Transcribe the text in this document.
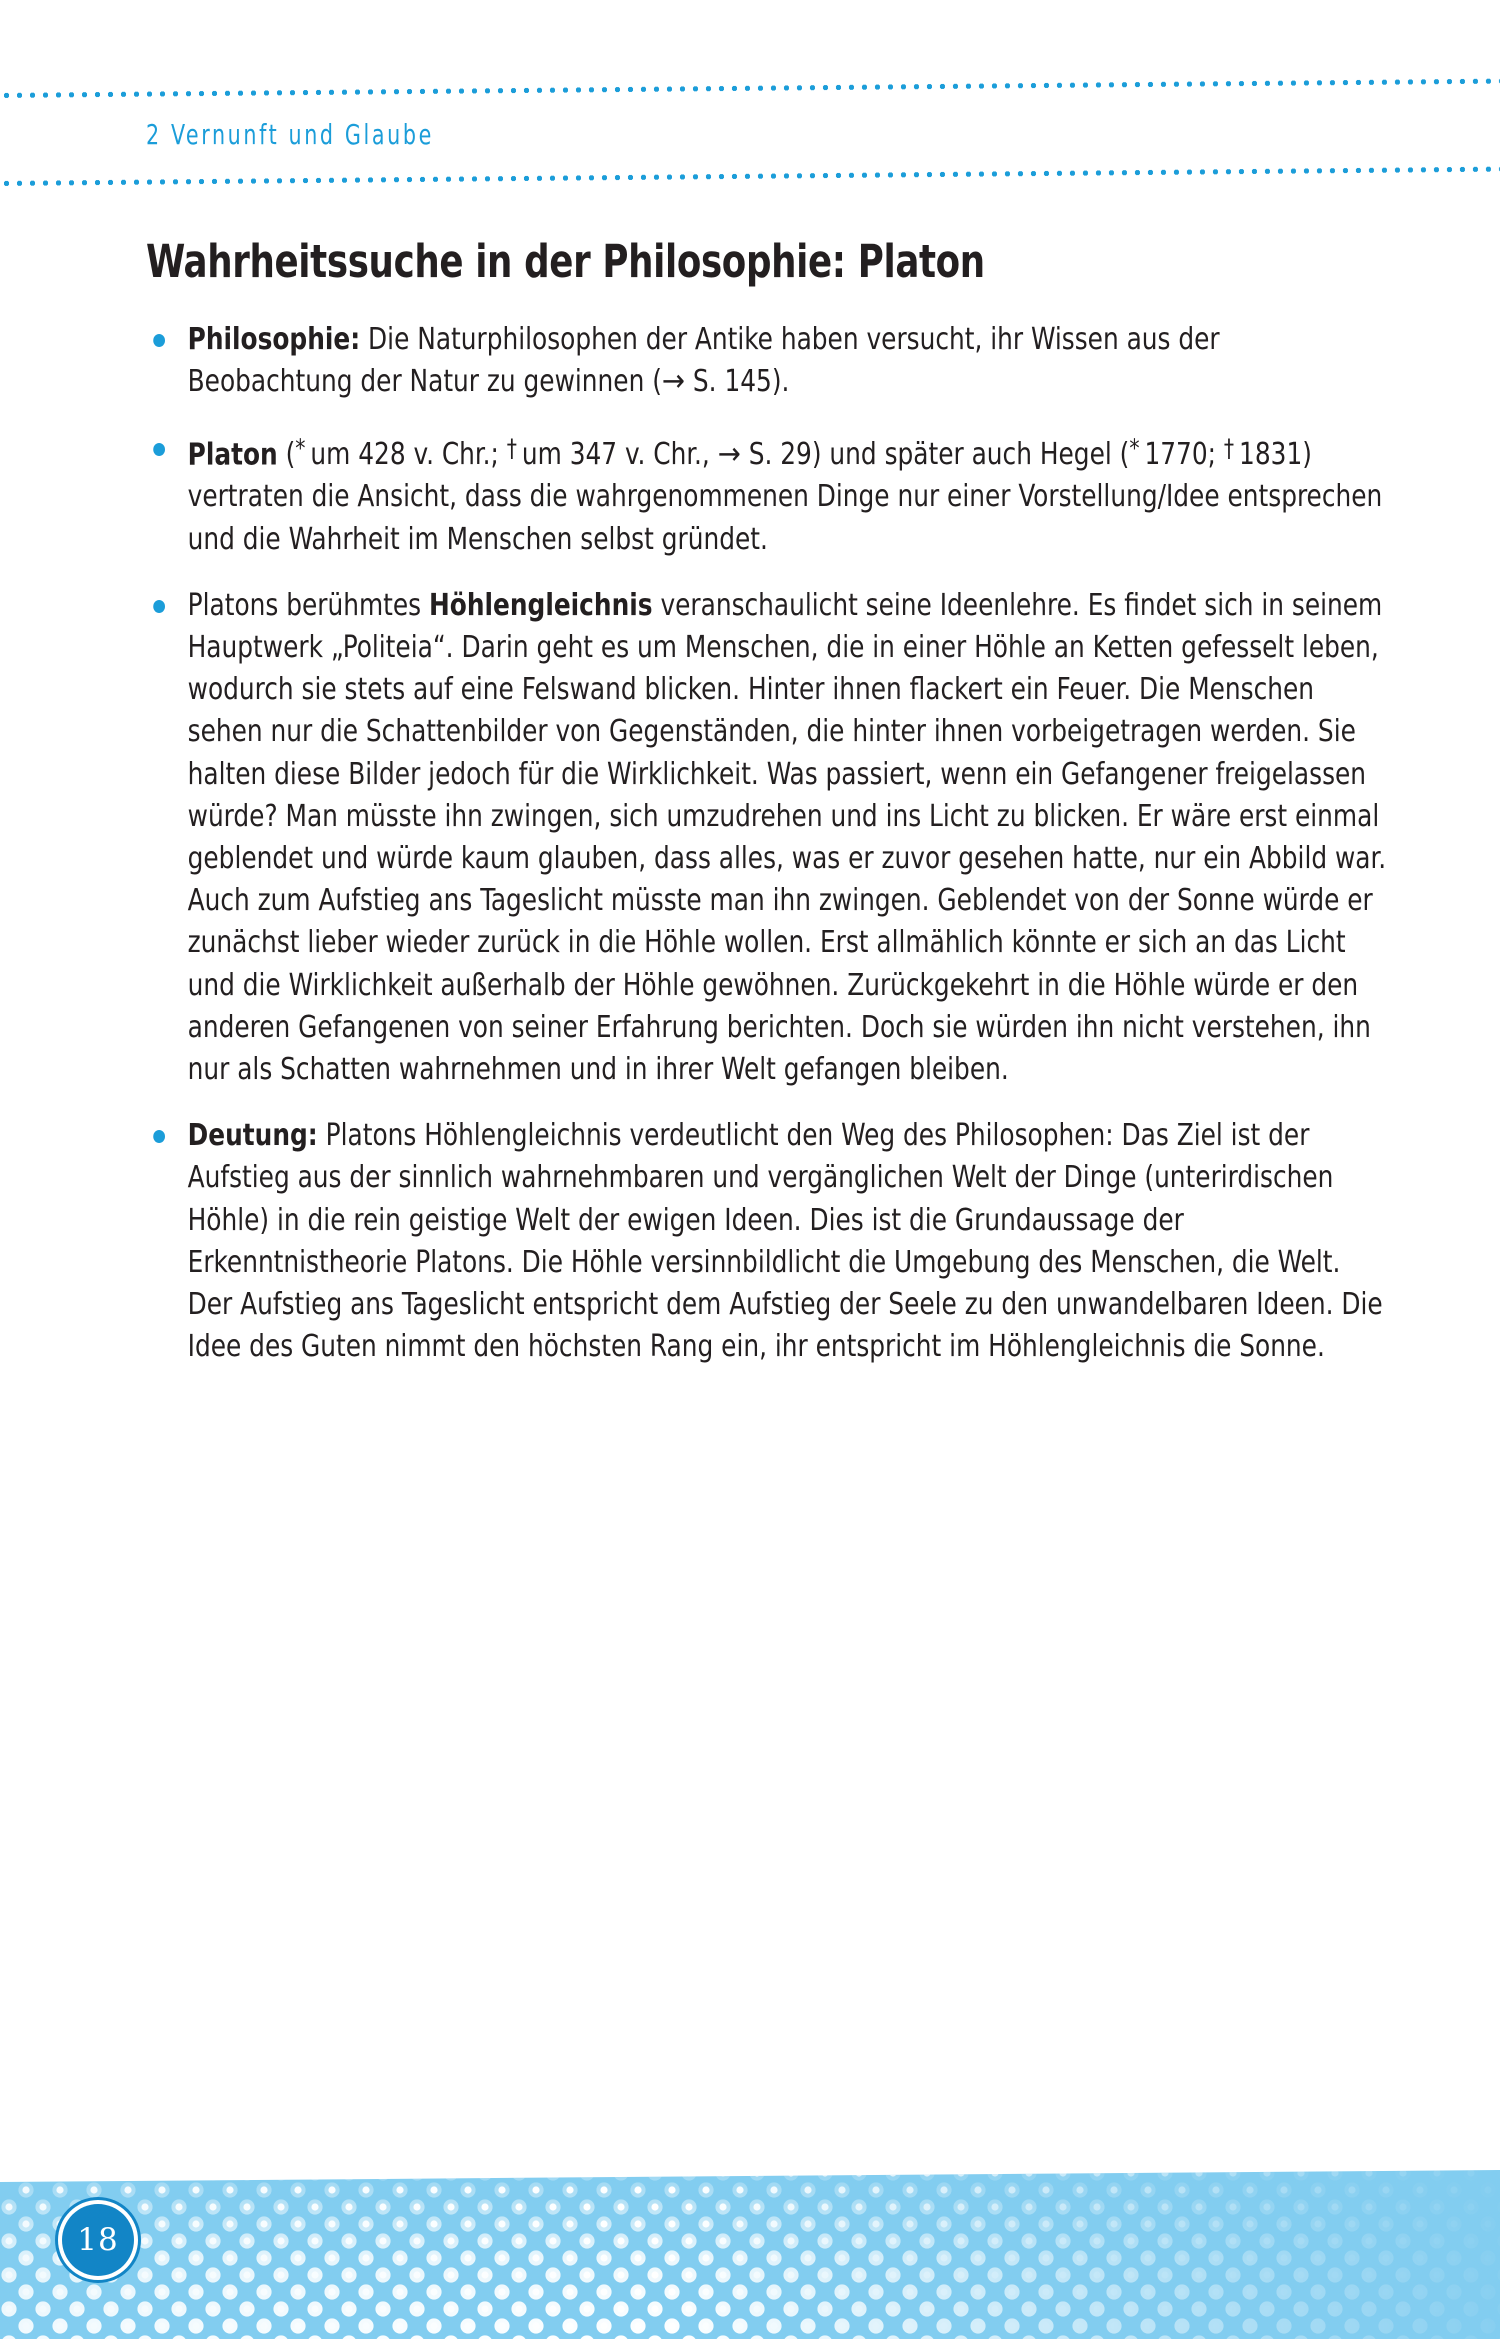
2 Vernunft und Glaube
Wahrheitssuche in der Philosophie: Platon
Philosophie: Die Naturphilosophen der Antike haben versucht, ihr Wissen aus der Beobachtung der Natur zu gewinnen (→ S. 145).
Platon (* um 428 v. Chr.; † um 347 v. Chr., → S. 29) und später auch Hegel (* 1770; † 1831) vertraten die Ansicht, dass die wahrgenommenen Dinge nur einer Vorstellung/Idee entsprechen und die Wahrheit im Menschen selbst gründet.
Platons berühmtes Höhlengleichnis veranschaulicht seine Ideenlehre. Es findet sich in seinem Hauptwerk „Politeia“. Darin geht es um Menschen, die in einer Höhle an Ketten gefesselt leben, wodurch sie stets auf eine Felswand blicken. Hinter ihnen flackert ein Feuer. Die Menschen sehen nur die Schattenbilder von Gegenständen, die hinter ihnen vorbeigetragen werden. Sie halten diese Bilder jedoch für die Wirklichkeit. Was passiert, wenn ein Gefangener freigelassen würde? Man müsste ihn zwingen, sich umzudrehen und ins Licht zu blicken. Er wäre erst einmal geblendet und würde kaum glauben, dass alles, was er zuvor gesehen hatte, nur ein Abbild war. Auch zum Aufstieg ans Tageslicht müsste man ihn zwingen. Geblendet von der Sonne würde er zunächst lieber wieder zurück in die Höhle wollen. Erst allmählich könnte er sich an das Licht und die Wirklichkeit außerhalb der Höhle gewöhnen. Zurückgekehrt in die Höhle würde er den anderen Gefangenen von seiner Erfahrung berichten. Doch sie würden ihn nicht verstehen, ihn nur als Schatten wahrnehmen und in ihrer Welt gefangen bleiben.
Deutung: Platons Höhlengleichnis verdeutlicht den Weg des Philosophen: Das Ziel ist der Aufstieg aus der sinnlich wahrnehmbaren und vergänglichen Welt der Dinge (unterirdischen Höhle) in die rein geistige Welt der ewigen Ideen. Dies ist die Grundaussage der Erkenntnistheorie Platons. Die Höhle versinnbildlicht die Umgebung des Menschen, die Welt. Der Aufstieg ans Tageslicht entspricht dem Aufstieg der Seele zu den unwandelbaren Ideen. Die Idee des Guten nimmt den höchsten Rang ein, ihr entspricht im Höhlengleichnis die Sonne.
18
